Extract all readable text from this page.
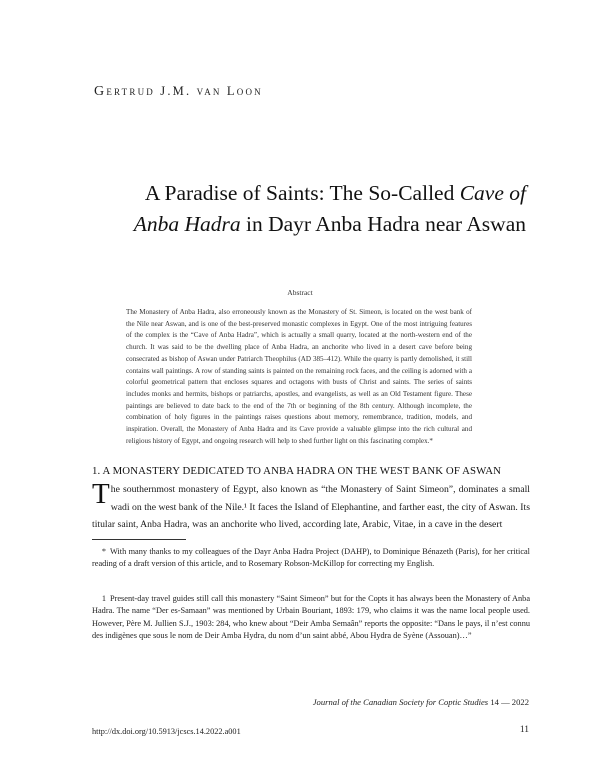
Gertrud J.M. van Loon
A Paradise of Saints: The So-Called Cave of Anba Hadra in Dayr Anba Hadra near Aswan
Abstract
The Monastery of Anba Hadra, also erroneously known as the Monastery of St. Simeon, is located on the west bank of the Nile near Aswan, and is one of the best-preserved monastic complexes in Egypt. One of the most intriguing features of the complex is the “Cave of Anba Hadra”, which is actually a small quarry, located at the north-western end of the church. It was said to be the dwelling place of Anba Hadra, an anchorite who lived in a desert cave before being consecrated as bishop of Aswan under Patriarch Theophilus (AD 385–412). While the quarry is partly demolished, it still contains wall paintings. A row of standing saints is painted on the remaining rock faces, and the ceiling is adorned with a colorful geometrical pattern that encloses squares and octagons with busts of Christ and saints. The series of saints includes monks and hermits, bishops or patriarchs, apostles, and evangelists, as well as an Old Testament figure. These paintings are believed to date back to the end of the 7th or beginning of the 8th century. Although incomplete, the combination of holy figures in the paintings raises questions about memory, remembrance, tradition, models, and inspiration. Overall, the Monastery of Anba Hadra and its Cave provide a valuable glimpse into the rich cultural and religious history of Egypt, and ongoing research will help to shed further light on this fascinating complex.*
1. A MONASTERY DEDICATED TO ANBA HADRA ON THE WEST BANK OF ASWAN
The southernmost monastery of Egypt, also known as “the Monastery of Saint Simeon”, dominates a small wadi on the west bank of the Nile.¹ It faces the Island of Elephantine, and farther east, the city of Aswan. Its titular saint, Anba Hadra, was an anchorite who lived, according late, Arabic, Vitae, in a cave in the desert
* With many thanks to my colleagues of the Dayr Anba Hadra Project (DAHP), to Dominique Bénazeth (Paris), for her critical reading of a draft version of this article, and to Rosemary Robson-McKillop for correcting my English.
1 Present-day travel guides still call this monastery “Saint Simeon” but for the Copts it has always been the Monastery of Anba Hadra. The name “Der es-Samaan” was mentioned by Urbain Bouriant, 1893: 179, who claims it was the name local people used. However, Père M. Jullien S.J., 1903: 284, who knew about “Deir Amba Semaân” reports the opposite: “Dans le pays, il n’est connu des indigènes que sous le nom de Deir Amba Hydra, du nom d’un saint abbé, Abou Hydra de Syène (Assouan)…”
Journal of the Canadian Society for Coptic Studies 14 — 2022
http://dx.doi.org/10.5913/jcscs.14.2022.a001	11
